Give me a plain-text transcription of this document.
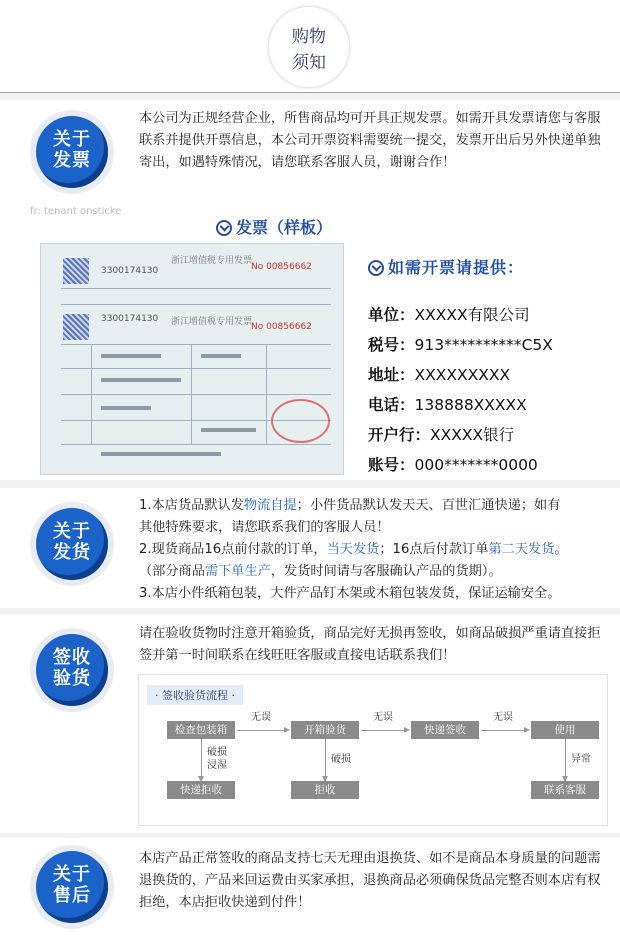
购物
须知
关于
发票
本公司为正规经营企业，所售商品均可开具正规发票。如需开具发票请您与客服联系并提供开票信息，本公司开票资料需要统一提交，发票开出后另外快递单独寄出，如遇特殊情况，请您联系客服人员，谢谢合作！
fr: tenant onsticke
发票（样板）
浙江增值税专用发票
No 00856662
3300174130
浙江增值税专用发票
No 00856662
3300174130
如需开票请提供：
单位：XXXXX有限公司
税号：913**********C5X
地址：XXXXXXXXX
电话：138888XXXXX
开户行：XXXXX银行
账号：000*******0000
关于
发货
1.本店货品默认发物流自提；小件货品默认发天天、百世汇通快递；如有
其他特殊要求，请您联系我们的客服人员！
2.现货商品16点前付款的订单，当天发货；16点后付款订单第二天发货。
（部分商品需下单生产，发货时间请与客服确认产品的货期）。
3.本店小件纸箱包装，大件产品钉木架或木箱包装发货，保证运输安全。
签收
验货
请在验收货物时注意开箱验货，商品完好无损再签收，如商品破损严重请直接拒签并第一时间联系在线旺旺客服或直接电话联系我们！
· 签收验货流程 ·
检查包装箱	开箱验货	快递签收	使用
无误	无误	无误
破损
浸湿
破损	异常
快递拒收	拒收	联系客服
关于
售后
本店产品正常签收的商品支持七天无理由退换货、如不是商品本身质量的问题需退换货的，产品来回运费由买家承担，退换商品必须确保货品完整否则本店有权拒绝，本店拒收快递到付件！
